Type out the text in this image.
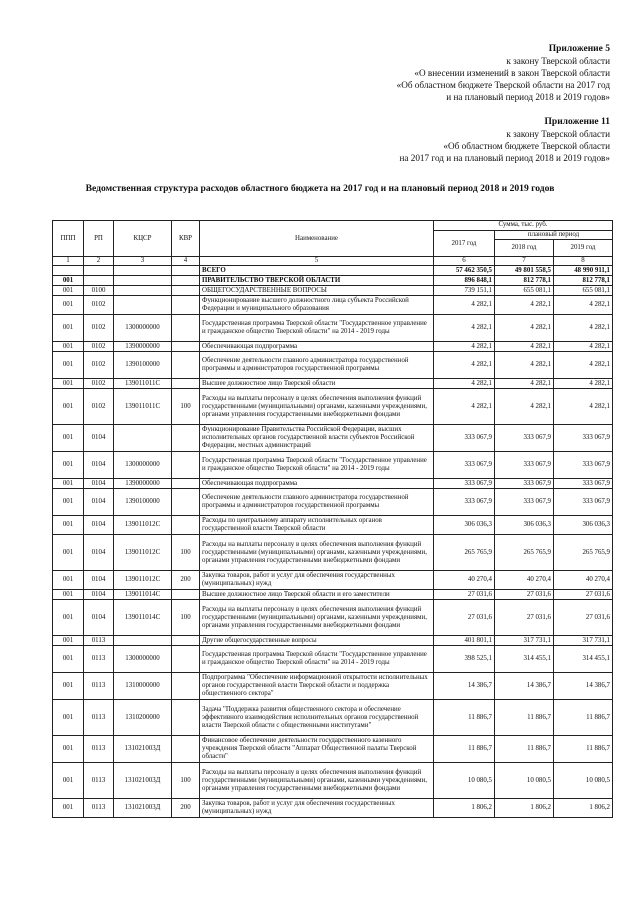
Приложение 5
к закону Тверской области
«О внесении изменений в закон Тверской области
«Об областном бюджете Тверской области на 2017 год
и на плановый период 2018 и 2019 годов»
Приложение 11
к закону Тверской области
«Об областном бюджете Тверской области
на 2017 год и на плановый период 2018 и 2019 годов»
Ведомственная структура расходов областного бюджета на 2017 год и на плановый период 2018 и 2019 годов
ППП	РП	КЦСР	КВР	Наименование	Сумма, тыс. руб.		
					2017 год	плановый период	
						2018 год	2019 год
1	2	3	4	5	6	7	8
				ВСЕГО	57 462 350,5	49 801 558,5	48 990 911,1
001				ПРАВИТЕЛЬСТВО ТВЕРСКОЙ ОБЛАСТИ	896 848,1	812 778,1	812 778,1
001	0100			ОБЩЕГОСУДАРСТВЕННЫЕ ВОПРОСЫ	739 151,1	655 081,1	655 081,1
001	0102			Функционирование высшего должностного лица субъекта Российской Федерации и муниципального образования	4 282,1	4 282,1	4 282,1
001	0102	1300000000		Государственная программа Тверской области "Государственное управление и гражданское общество Тверской области" на 2014 - 2019 годы	4 282,1	4 282,1	4 282,1
001	0102	1390000000		Обеспечивающая подпрограмма	4 282,1	4 282,1	4 282,1
001	0102	1390100000		Обеспечение деятельности главного администратора государственной программы и администраторов государственной программы	4 282,1	4 282,1	4 282,1
001	0102	139011011С		Высшее должностное лицо Тверской области	4 282,1	4 282,1	4 282,1
001	0102	139011011С	100	Расходы на выплаты персоналу в целях обеспечения выполнения функций государственными (муниципальными) органами, казенными учреждениями, органами управления государственными внебюджетными фондами	4 282,1	4 282,1	4 282,1
001	0104			Функционирование Правительства Российской Федерации, высших исполнительных органов государственной власти субъектов Российской Федерации, местных администраций	333 067,9	333 067,9	333 067,9
001	0104	1300000000		Государственная программа Тверской области "Государственное управление и гражданское общество Тверской области" на 2014 - 2019 годы	333 067,9	333 067,9	333 067,9
001	0104	1390000000		Обеспечивающая подпрограмма	333 067,9	333 067,9	333 067,9
001	0104	1390100000		Обеспечение деятельности главного администратора государственной программы и администраторов государственной программы	333 067,9	333 067,9	333 067,9
001	0104	139011012С		Расходы по центральному аппарату исполнительных органов государственной власти Тверской области	306 036,3	306 036,3	306 036,3
001	0104	139011012С	100	Расходы на выплаты персоналу в целях обеспечения выполнения функций государственными (муниципальными) органами, казенными учреждениями, органами управления государственными внебюджетными фондами	265 765,9	265 765,9	265 765,9
001	0104	139011012С	200	Закупка товаров, работ и услуг для обеспечения государственных (муниципальных) нужд	40 270,4	40 270,4	40 270,4
001	0104	139011014С		Высшее должностное лицо Тверской области и его заместители	27 031,6	27 031,6	27 031,6
001	0104	139011014С	100	Расходы на выплаты персоналу в целях обеспечения выполнения функций государственными (муниципальными) органами, казенными учреждениями, органами управления государственными внебюджетными фондами	27 031,6	27 031,6	27 031,6
001	0113			Другие общегосударственные вопросы	401 801,1	317 731,1	317 731,1
001	0113	1300000000		Государственная программа Тверской области "Государственное управление и гражданское общество Тверской области" на 2014 - 2019 годы	398 525,1	314 455,1	314 455,1
001	0113	1310000000		Подпрограмма "Обеспечение информационной открытости исполнительных органов государственной власти Тверской области и поддержка общественного сектора"	14 386,7	14 386,7	14 386,7
001	0113	1310200000		Задача "Поддержка развития общественного сектора и обеспечение эффективного взаимодействия исполнительных органов государственной власти Тверской области с общественными институтами"	11 886,7	11 886,7	11 886,7
001	0113	131021003Д		Финансовое обеспечение деятельности государственного казенного учреждения Тверской области "Аппарат Общественной палаты Тверской области"	11 886,7	11 886,7	11 886,7
001	0113	131021003Д	100	Расходы на выплаты персоналу в целях обеспечения выполнения функций государственными (муниципальными) органами, казенными учреждениями, органами управления государственными внебюджетными фондами	10 080,5	10 080,5	10 080,5
001	0113	131021003Д	200	Закупка товаров, работ и услуг для обеспечения государственных (муниципальных) нужд	1 806,2	1 806,2	1 806,2
